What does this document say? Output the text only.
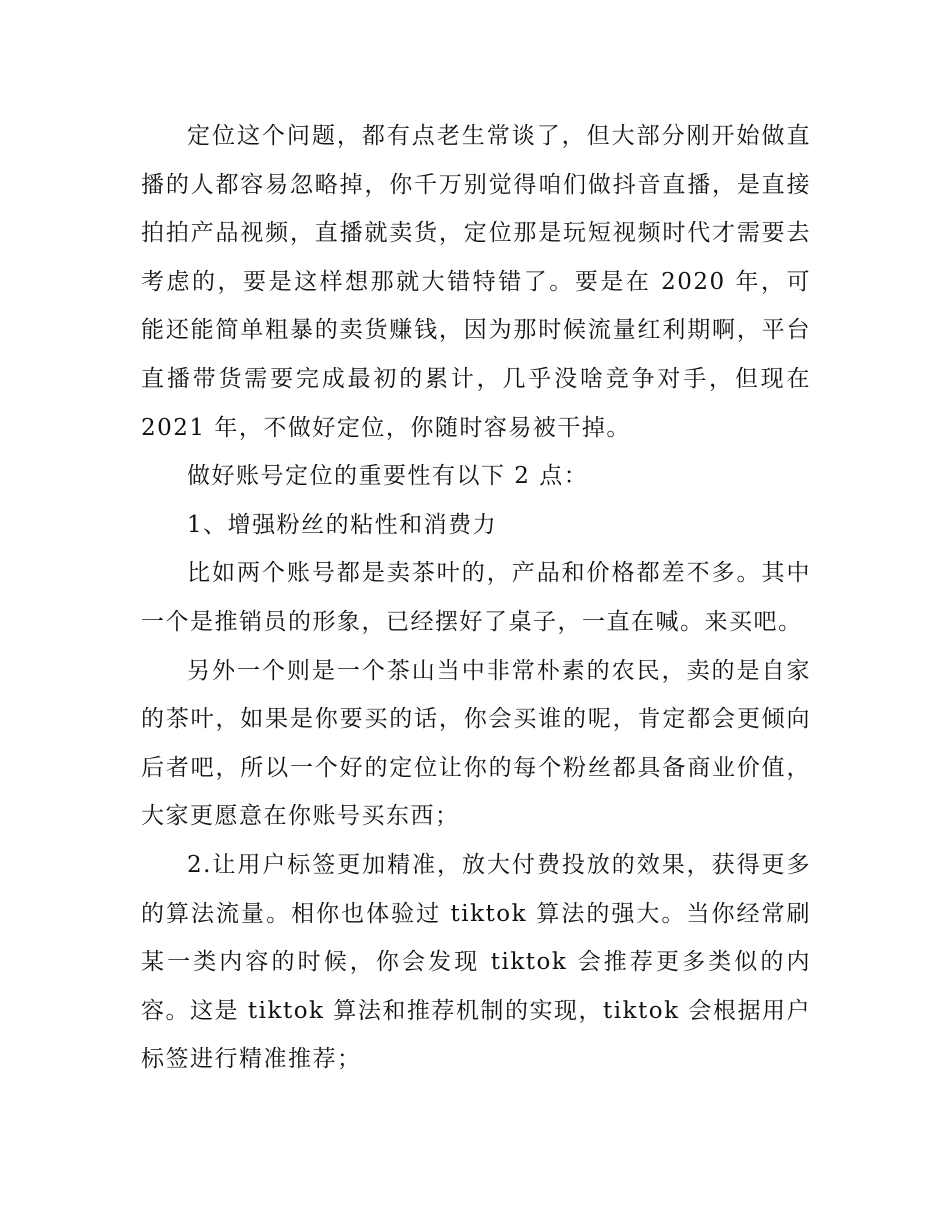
定位这个问题，都有点老生常谈了，但大部分刚开始做直播的人都容易忽略掉，你千万别觉得咱们做抖音直播，是直接拍拍产品视频，直播就卖货，定位那是玩短视频时代才需要去考虑的，要是这样想那就大错特错了。要是在 2020 年，可能还能简单粗暴的卖货赚钱，因为那时候流量红利期啊，平台直播带货需要完成最初的累计，几乎没啥竞争对手，但现在 2021 年，不做好定位，你随时容易被干掉。

做好账号定位的重要性有以下 2 点：

1、增强粉丝的粘性和消费力

比如两个账号都是卖茶叶的，产品和价格都差不多。其中一个是推销员的形象，已经摆好了桌子，一直在喊。来买吧。

另外一个则是一个茶山当中非常朴素的农民，卖的是自家的茶叶，如果是你要买的话，你会买谁的呢，肯定都会更倾向后者吧，所以一个好的定位让你的每个粉丝都具备商业价值，大家更愿意在你账号买东西；

2.让用户标签更加精准，放大付费投放的效果，获得更多的算法流量。相你也体验过 tiktok 算法的强大。当你经常刷某一类内容的时候，你会发现 tiktok 会推荐更多类似的内容。这是 tiktok 算法和推荐机制的实现，tiktok 会根据用户标签进行精准推荐；
